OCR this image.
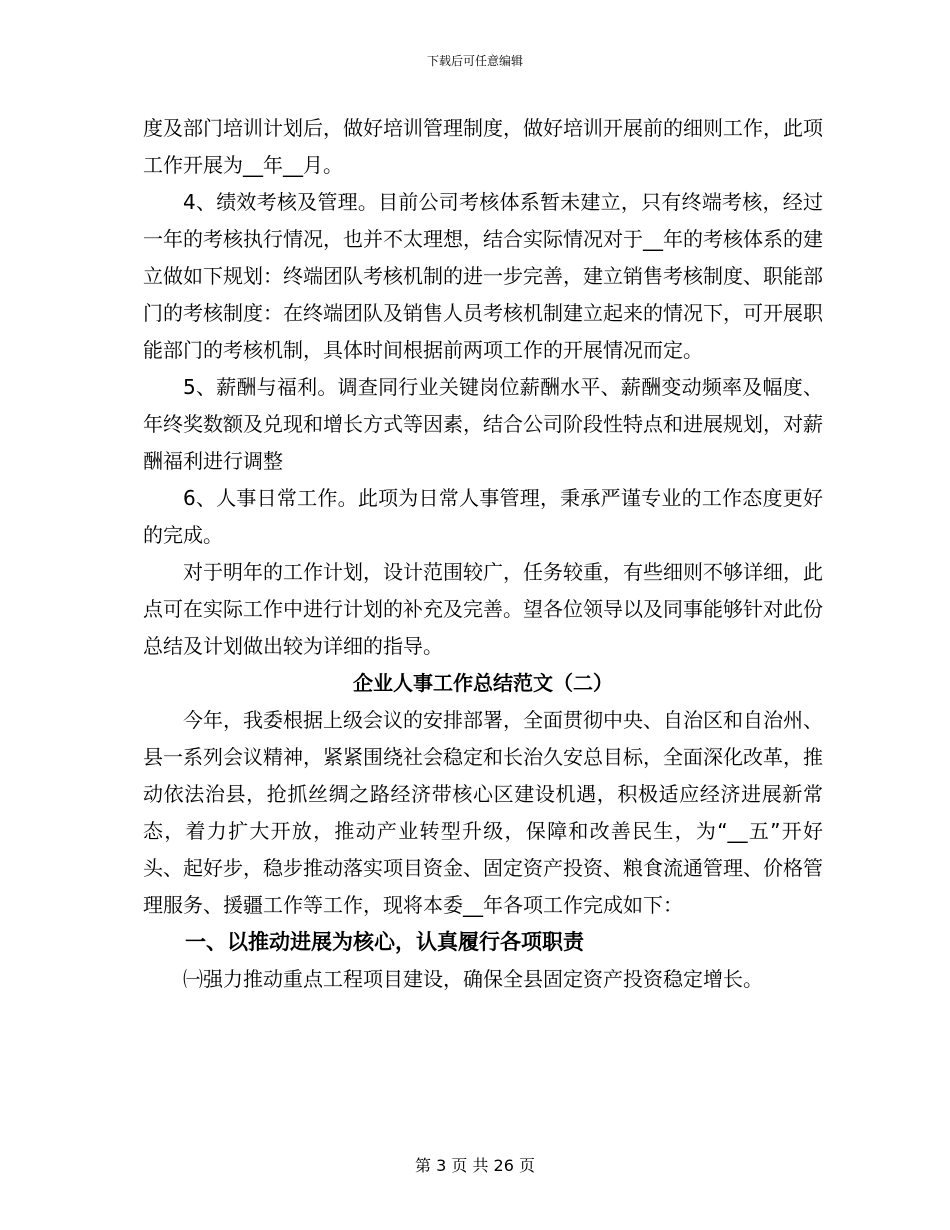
下载后可任意编辑

度及部门培训计划后，做好培训管理制度，做好培训开展前的细则工作，此项工作开展为__年__月。

4、绩效考核及管理。目前公司考核体系暂未建立，只有终端考核，经过一年的考核执行情况，也并不太理想，结合实际情况对于__年的考核体系的建立做如下规划：终端团队考核机制的进一步完善，建立销售考核制度、职能部门的考核制度：在终端团队及销售人员考核机制建立起来的情况下，可开展职能部门的考核机制，具体时间根据前两项工作的开展情况而定。

5、薪酬与福利。调查同行业关键岗位薪酬水平、薪酬变动频率及幅度、年终奖数额及兑现和增长方式等因素，结合公司阶段性特点和进展规划，对薪酬福利进行调整

6、人事日常工作。此项为日常人事管理，秉承严谨专业的工作态度更好的完成。

对于明年的工作计划，设计范围较广，任务较重，有些细则不够详细，此点可在实际工作中进行计划的补充及完善。望各位领导以及同事能够针对此份总结及计划做出较为详细的指导。

企业人事工作总结范文（二）

今年，我委根据上级会议的安排部署，全面贯彻中央、自治区和自治州、县一系列会议精神，紧紧围绕社会稳定和长治久安总目标，全面深化改革，推动依法治县，抢抓丝绸之路经济带核心区建设机遇，积极适应经济进展新常态，着力扩大开放，推动产业转型升级，保障和改善民生，为“__五”开好头、起好步，稳步推动落实项目资金、固定资产投资、粮食流通管理、价格管理服务、援疆工作等工作，现将本委__年各项工作完成如下：

一、以推动进展为核心，认真履行各项职责

㈠强力推动重点工程项目建设，确保全县固定资产投资稳定增长。

第 3 页 共 26 页
